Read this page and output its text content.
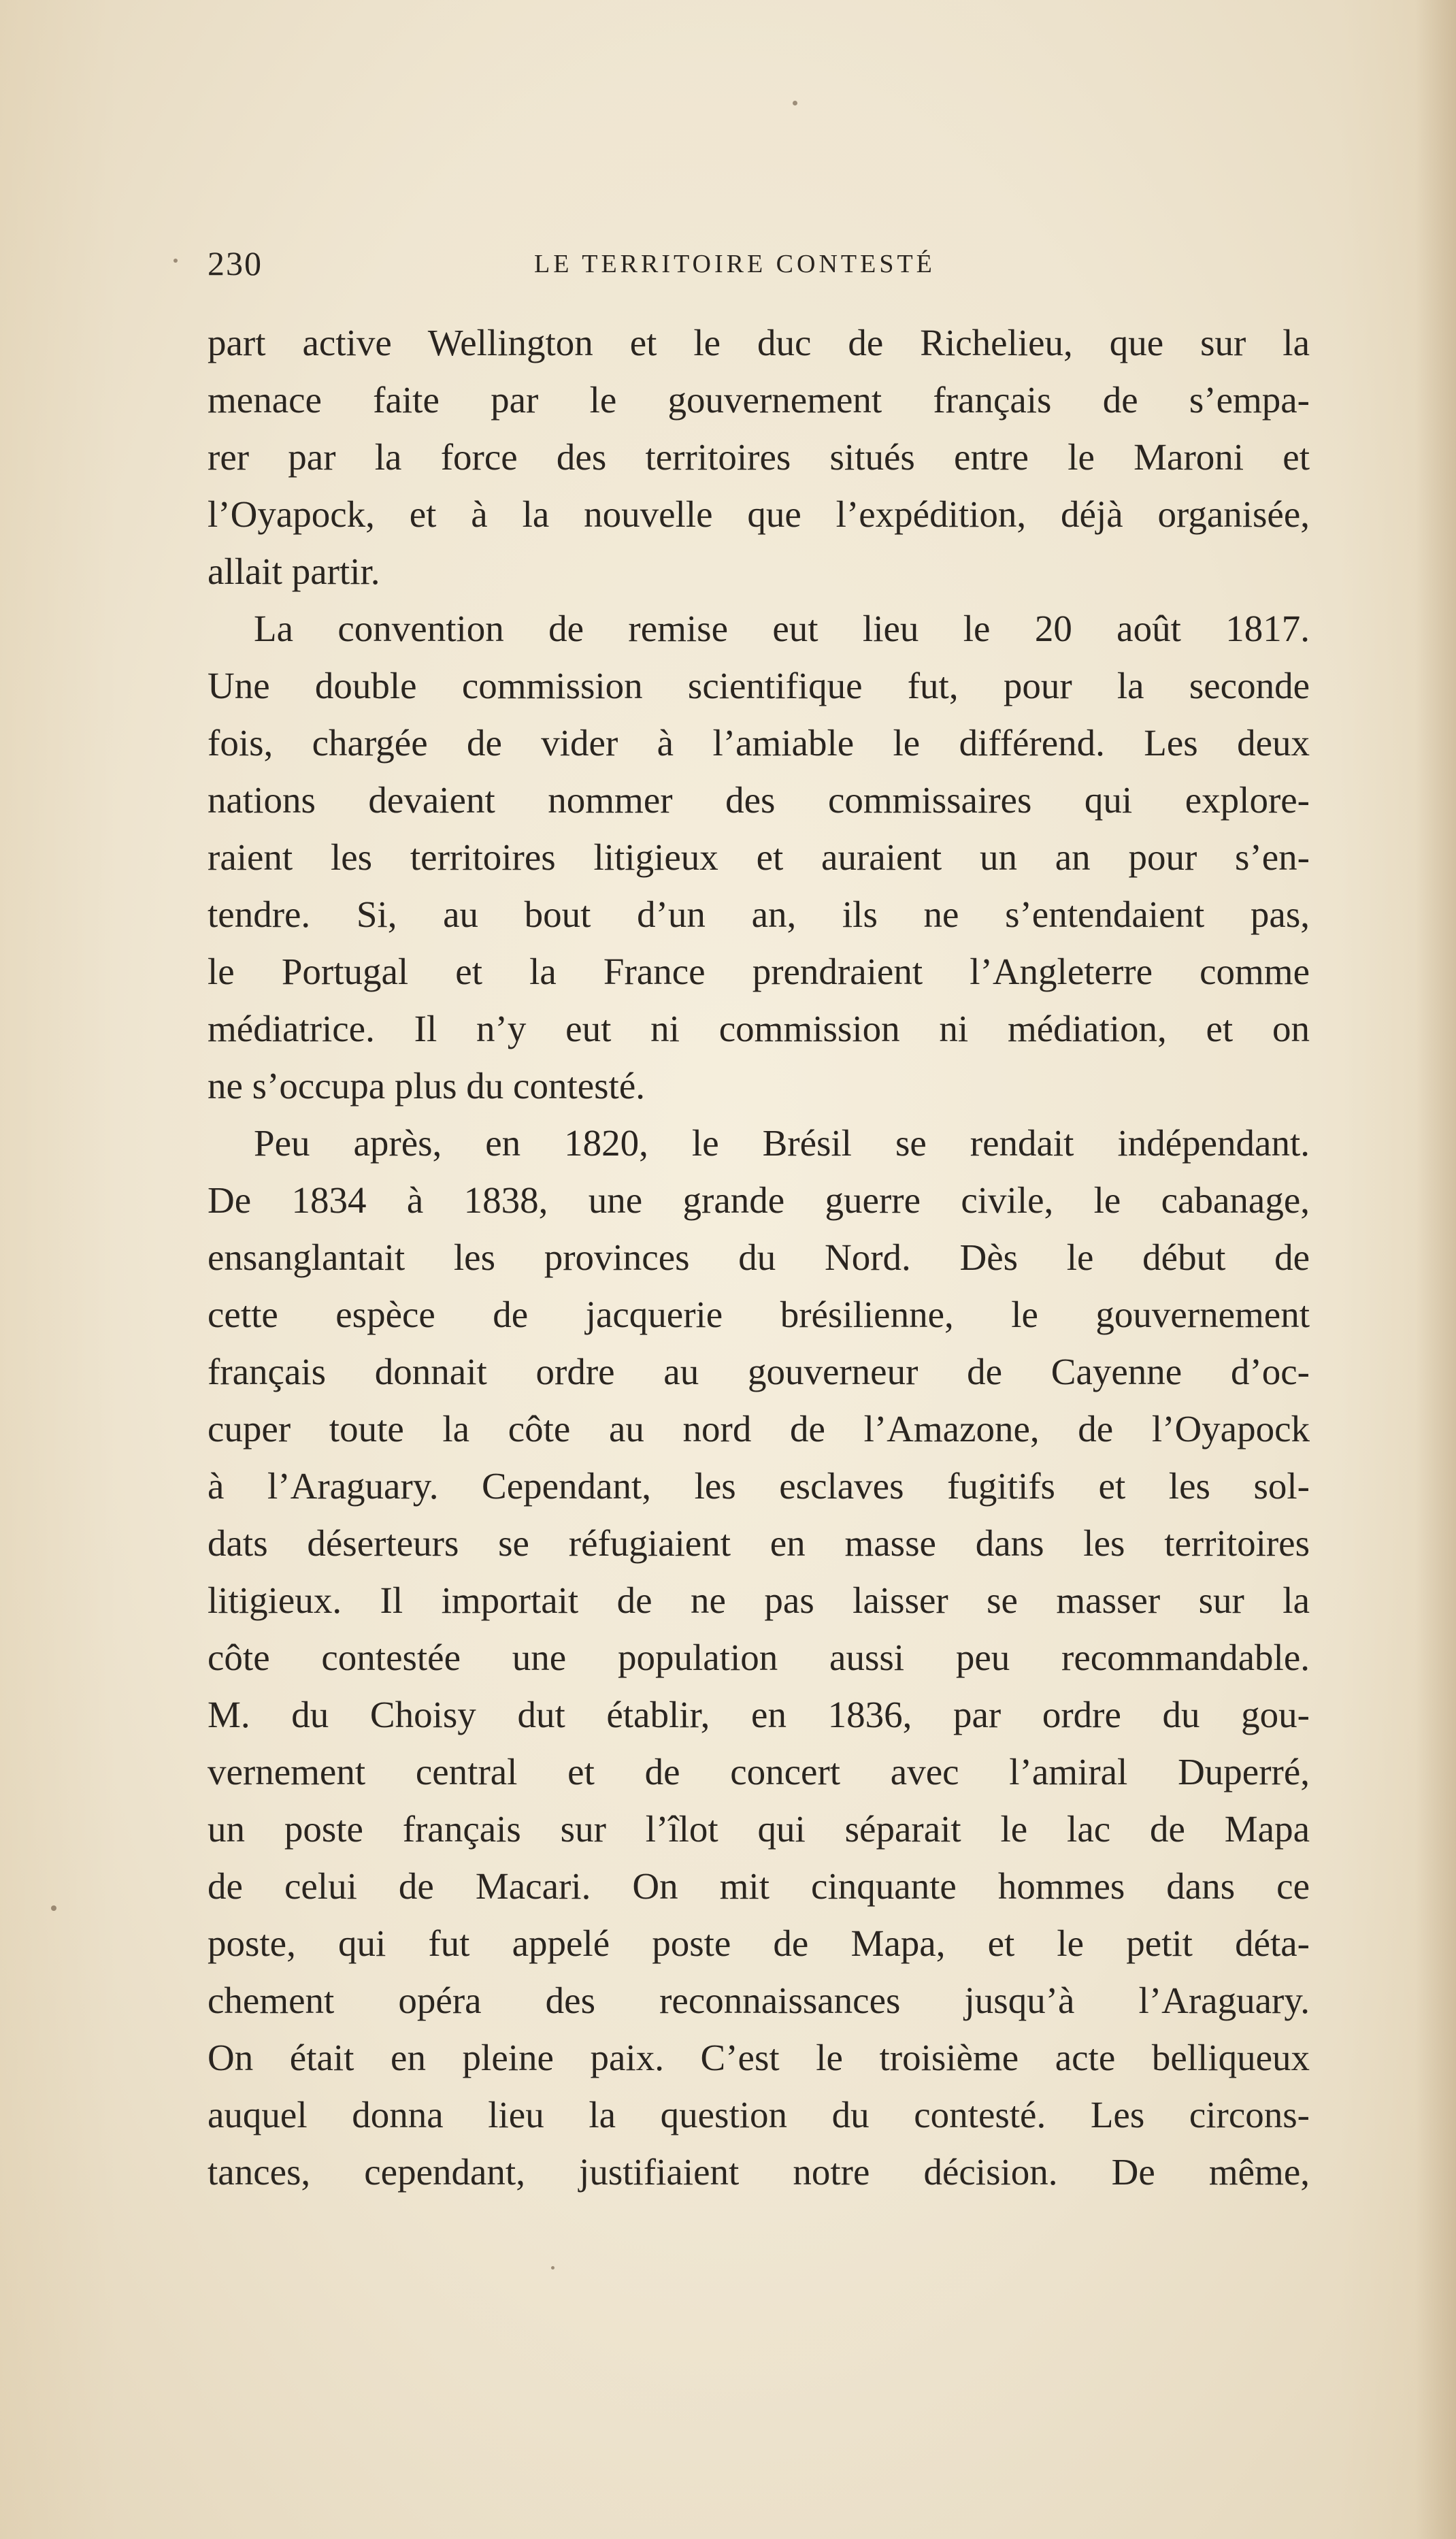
230	LE TERRITOIRE CONTESTÉ
part active Wellington et le duc de Richelieu, que sur la
menace faite par le gouvernement français de s’empa-
rer par la force des territoires situés entre le Maroni et
l’Oyapock, et à la nouvelle que l’expédition, déjà organisée,
allait partir.
La convention de remise eut lieu le 20 août 1817.
Une double commission scientifique fut, pour la seconde
fois, chargée de vider à l’amiable le différend. Les deux
nations devaient nommer des commissaires qui explore-
raient les territoires litigieux et auraient un an pour s’en-
tendre. Si, au bout d’un an, ils ne s’entendaient pas,
le Portugal et la France prendraient l’Angleterre comme
médiatrice. Il n’y eut ni commission ni médiation, et on
ne s’occupa plus du contesté.
Peu après, en 1820, le Brésil se rendait indépendant.
De 1834 à 1838, une grande guerre civile, le cabanage,
ensanglantait les provinces du Nord. Dès le début de
cette espèce de jacquerie brésilienne, le gouvernement
français donnait ordre au gouverneur de Cayenne d’oc-
cuper toute la côte au nord de l’Amazone, de l’Oyapock
à l’Araguary. Cependant, les esclaves fugitifs et les sol-
dats déserteurs se réfugiaient en masse dans les territoires
litigieux. Il importait de ne pas laisser se masser sur la
côte contestée une population aussi peu recommandable.
M. du Choisy dut établir, en 1836, par ordre du gou-
vernement central et de concert avec l’amiral Duperré,
un poste français sur l’îlot qui séparait le lac de Mapa
de celui de Macari. On mit cinquante hommes dans ce
poste, qui fut appelé poste de Mapa, et le petit déta-
chement opéra des reconnaissances jusqu’à l’Araguary.
On était en pleine paix. C’est le troisième acte belliqueux
auquel donna lieu la question du contesté. Les circons-
tances, cependant, justifiaient notre décision. De même,
